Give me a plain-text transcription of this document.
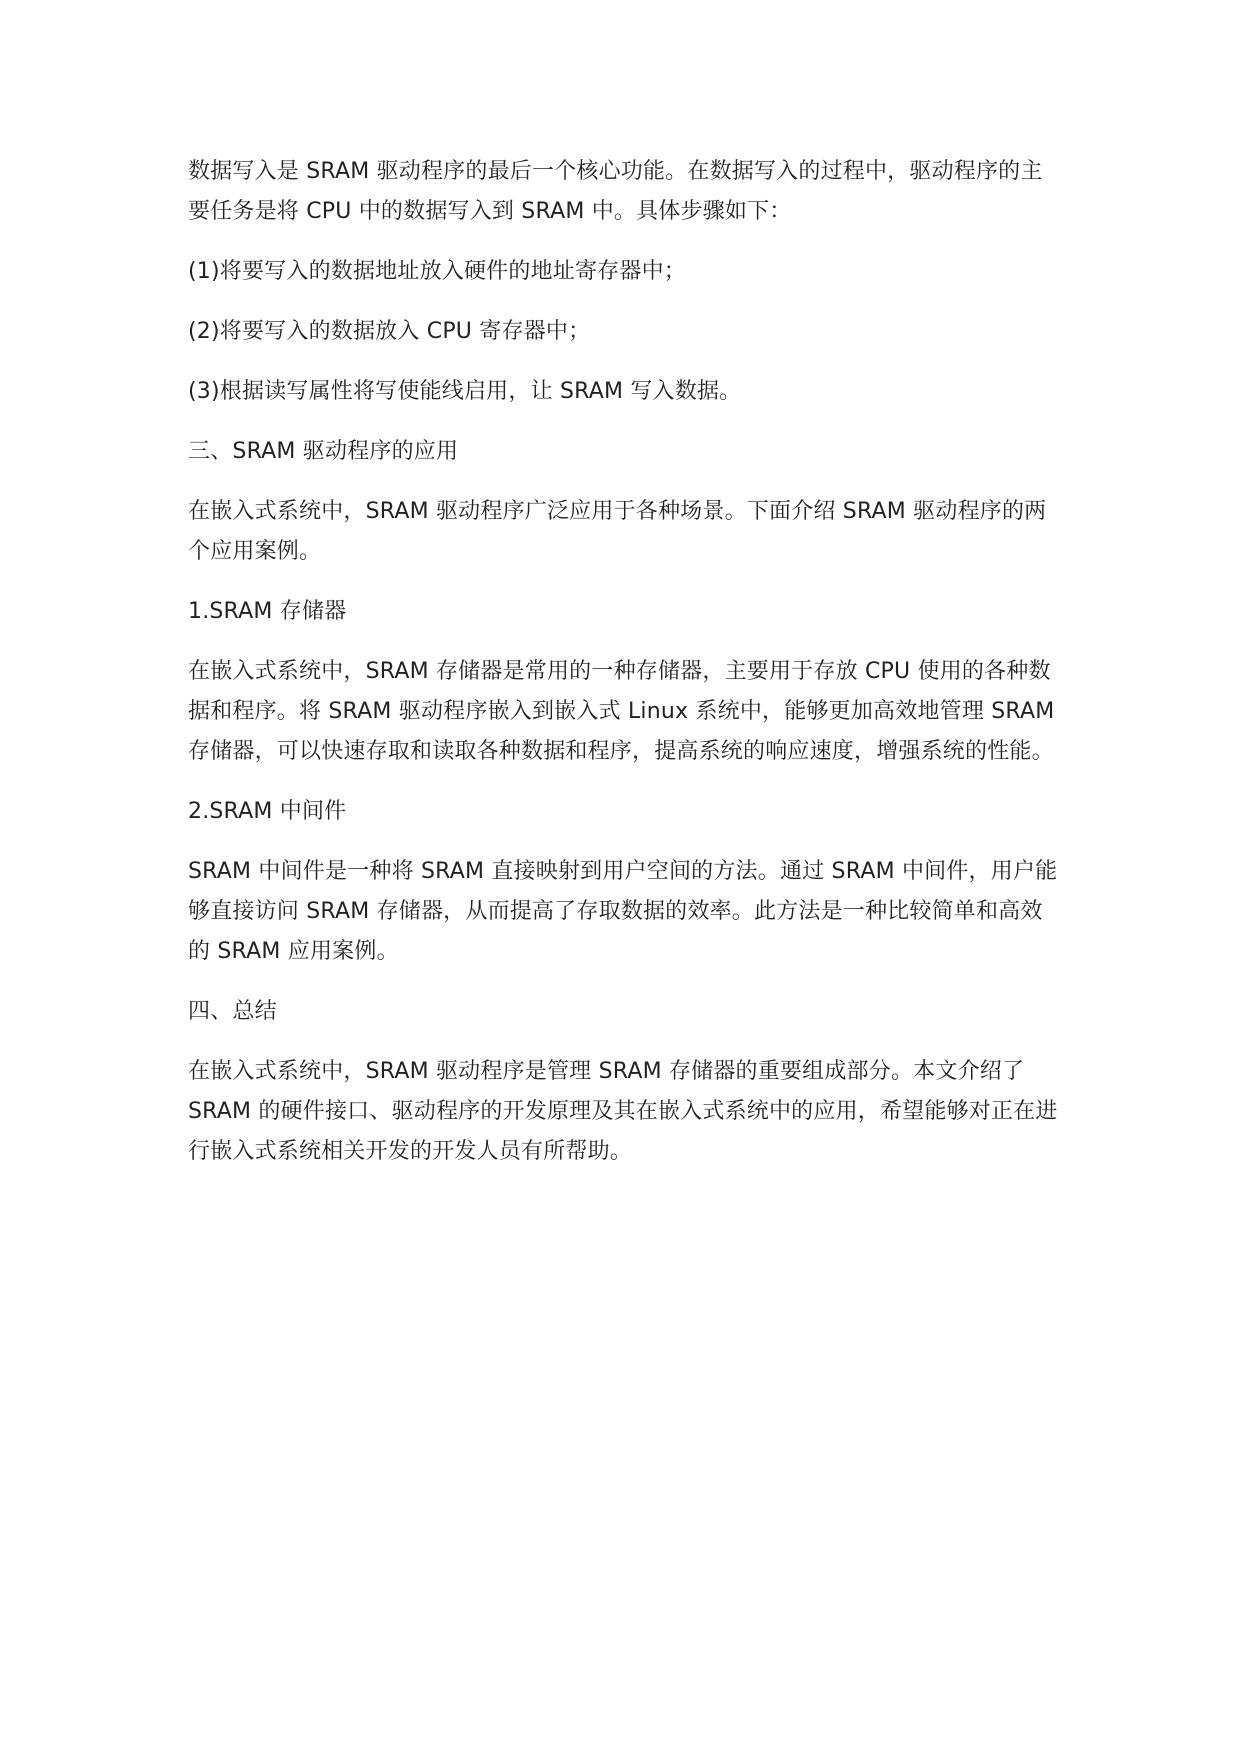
数据写入是 SRAM 驱动程序的最后一个核心功能。在数据写入的过程中，驱动程序的主要任务是将 CPU 中的数据写入到 SRAM 中。具体步骤如下：

(1)将要写入的数据地址放入硬件的地址寄存器中；

(2)将要写入的数据放入 CPU 寄存器中；

(3)根据读写属性将写使能线启用，让 SRAM 写入数据。

三、SRAM 驱动程序的应用

在嵌入式系统中，SRAM 驱动程序广泛应用于各种场景。下面介绍 SRAM 驱动程序的两个应用案例。

1.SRAM 存储器

在嵌入式系统中，SRAM 存储器是常用的一种存储器，主要用于存放 CPU 使用的各种数据和程序。将 SRAM 驱动程序嵌入到嵌入式 Linux 系统中，能够更加高效地管理 SRAM 存储器，可以快速存取和读取各种数据和程序，提高系统的响应速度，增强系统的性能。

2.SRAM 中间件

SRAM 中间件是一种将 SRAM 直接映射到用户空间的方法。通过 SRAM 中间件，用户能够直接访问 SRAM 存储器，从而提高了存取数据的效率。此方法是一种比较简单和高效的 SRAM 应用案例。

四、总结

在嵌入式系统中，SRAM 驱动程序是管理 SRAM 存储器的重要组成部分。本文介绍了 SRAM 的硬件接口、驱动程序的开发原理及其在嵌入式系统中的应用，希望能够对正在进行嵌入式系统相关开发的开发人员有所帮助。
